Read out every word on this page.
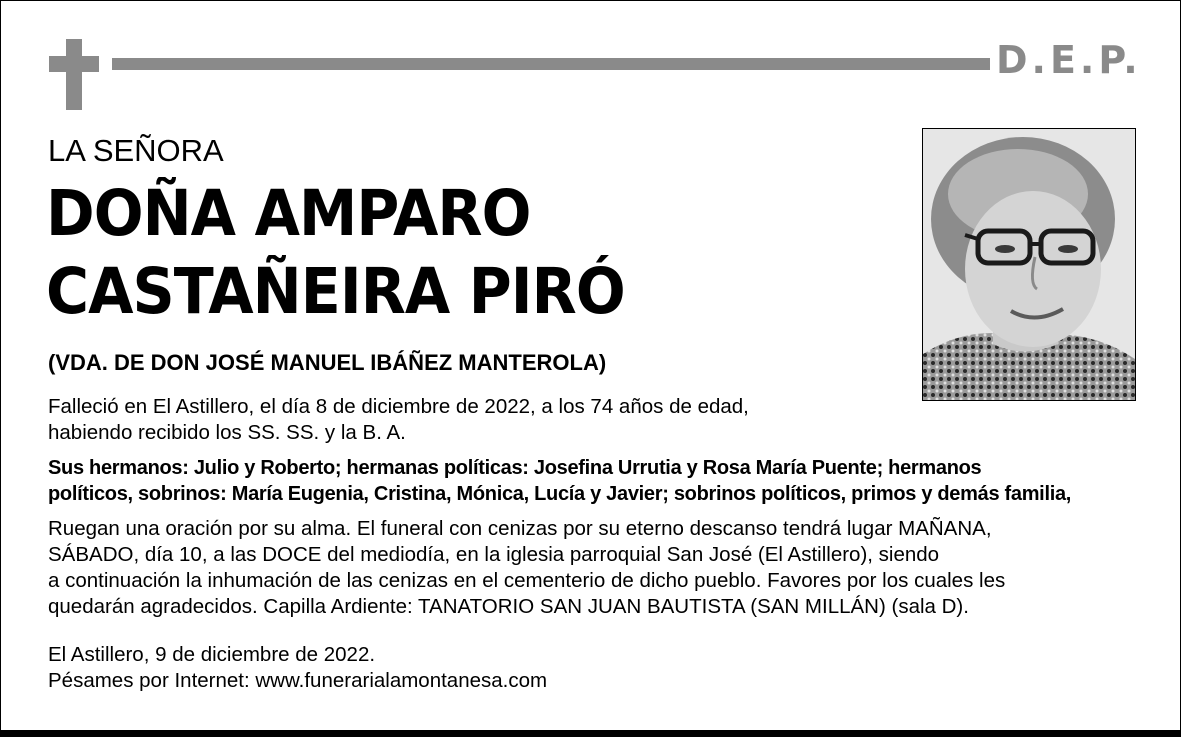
D.E.P.
LA SEÑORA
DOÑA AMPARO
CASTAÑEIRA PIRÓ
(VDA. DE DON JOSÉ MANUEL IBÁÑEZ MANTEROLA)
Falleció en El Astillero, el día 8 de diciembre de 2022, a los 74 años de edad,
habiendo recibido los SS. SS. y la B. A.
Sus hermanos: Julio y Roberto; hermanas políticas: Josefina Urrutia y Rosa María Puente; hermanos
políticos, sobrinos: María Eugenia, Cristina, Mónica, Lucía y Javier; sobrinos políticos, primos y demás familia,
Ruegan una oración por su alma. El funeral con cenizas por su eterno descanso tendrá lugar MAÑANA,
SÁBADO, día 10, a las DOCE del mediodía, en la iglesia parroquial San José (El Astillero), siendo
a continuación la inhumación de las cenizas en el cementerio de dicho pueblo. Favores por los cuales les
quedarán agradecidos. Capilla Ardiente: TANATORIO SAN JUAN BAUTISTA (SAN MILLÁN) (sala D).
El Astillero, 9 de diciembre de 2022.
Pésames por Internet: www.funerarialamontanesa.com
